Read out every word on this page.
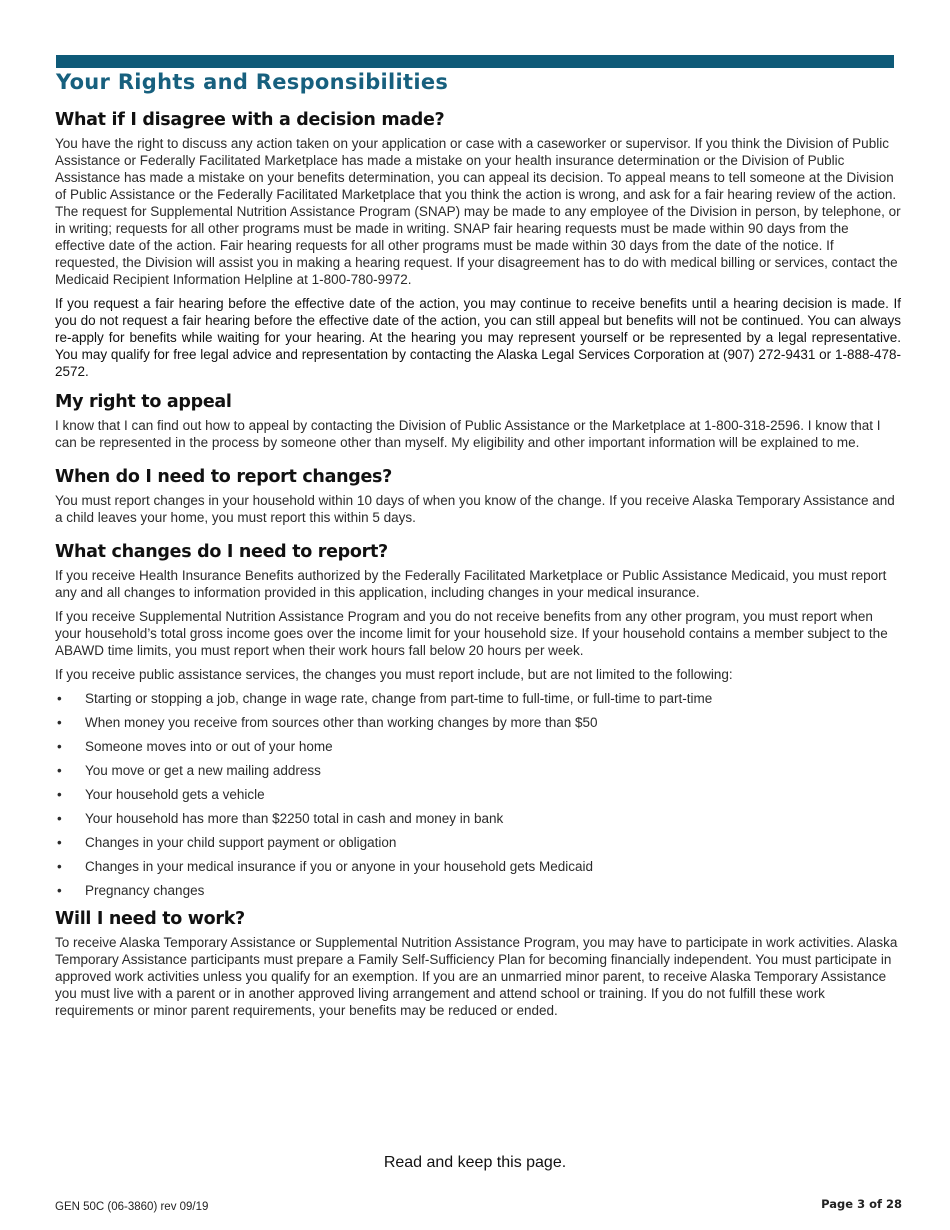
Your Rights and Responsibilities
What if I disagree with a decision made?

You have the right to discuss any action taken on your application or case with a caseworker or supervisor. If you think the Division of Public Assistance or Federally Facilitated Marketplace has made a mistake on your health insurance determination or the Division of Public Assistance has made a mistake on your benefits determination, you can appeal its decision. To appeal means to tell someone at the Division of Public Assistance or the Federally Facilitated Marketplace that you think the action is wrong, and ask for a fair hearing review of the action. The request for Supplemental Nutrition Assistance Program (SNAP) may be made to any employee of the Division in person, by telephone, or in writing; requests for all other programs must be made in writing. SNAP fair hearing requests must be made within 90 days from the effective date of the action. Fair hearing requests for all other programs must be made within 30 days from the date of the notice. If requested, the Division will assist you in making a hearing request. If your disagreement has to do with medical billing or services, contact the Medicaid Recipient Information Helpline at 1-800-780-9972.

If you request a fair hearing before the effective date of the action, you may continue to receive benefits until a hearing decision is made. If you do not request a fair hearing before the effective date of the action, you can still appeal but benefits will not be continued. You can always re-apply for benefits while waiting for your hearing. At the hearing you may represent yourself or be represented by a legal representative. You may qualify for free legal advice and representation by contacting the Alaska Legal Services Corporation at (907) 272-9431 or 1-888-478-2572.

My right to appeal

I know that I can find out how to appeal by contacting the Division of Public Assistance or the Marketplace at 1-800-318-2596. I know that I can be represented in the process by someone other than myself. My eligibility and other important information will be explained to me.

When do I need to report changes?

You must report changes in your household within 10 days of when you know of the change. If you receive Alaska Temporary Assistance and a child leaves your home, you must report this within 5 days.

What changes do I need to report?

If you receive Health Insurance Benefits authorized by the Federally Facilitated Marketplace or Public Assistance Medicaid, you must report any and all changes to information provided in this application, including changes in your medical insurance.

If you receive Supplemental Nutrition Assistance Program and you do not receive benefits from any other program, you must report when your household’s total gross income goes over the income limit for your household size. If your household contains a member subject to the ABAWD time limits, you must report when their work hours fall below 20 hours per week.

If you receive public assistance services, the changes you must report include, but are not limited to the following:

• Starting or stopping a job, change in wage rate, change from part-time to full-time, or full-time to part-time
• When money you receive from sources other than working changes by more than $50
• Someone moves into or out of your home
• You move or get a new mailing address
• Your household gets a vehicle
• Your household has more than $2250 total in cash and money in bank
• Changes in your child support payment or obligation
• Changes in your medical insurance if you or anyone in your household gets Medicaid
• Pregnancy changes
Will I need to work?

To receive Alaska Temporary Assistance or Supplemental Nutrition Assistance Program, you may have to participate in work activities. Alaska Temporary Assistance participants must prepare a Family Self-Sufficiency Plan for becoming financially independent. You must participate in approved work activities unless you qualify for an exemption. If you are an unmarried minor parent, to receive Alaska Temporary Assistance you must live with a parent or in another approved living arrangement and attend school or training. If you do not fulfill these work requirements or minor parent requirements, your benefits may be reduced or ended.

Read and keep this page.
GEN 50C (06-3860) rev 09/19	Page 3 of 28
